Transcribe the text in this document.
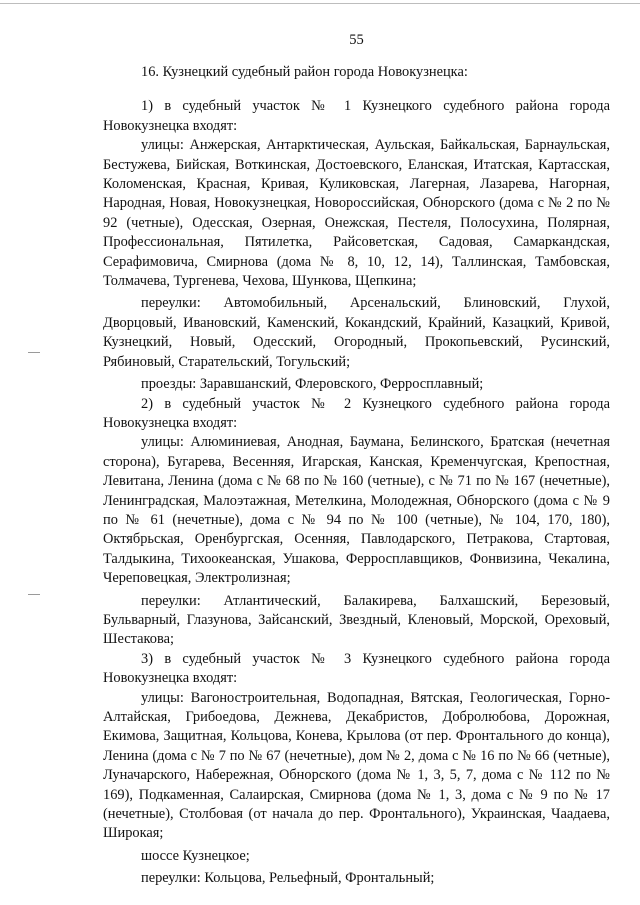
55

16. Кузнецкий судебный район города Новокузнецка:

1) в судебный участок № 1 Кузнецкого судебного района города Новокузнецка входят:

улицы: Анжерская, Антарктическая, Аульская, Байкальская, Барнаульская, Бестужева, Бийская, Воткинская, Достоевского, Еланская, Итатская, Картасская, Коломенская, Красная, Кривая, Куликовская, Лагерная, Лазарева, Нагорная, Народная, Новая, Новокузнецкая, Новороссийская, Обнорского (дома с № 2 по № 92 (четные), Одесская, Озерная, Онежская, Пестеля, Полосухина, Полярная, Профессиональная, Пятилетка, Райсоветская, Садовая, Самаркандская, Серафимовича, Смирнова (дома № 8, 10, 12, 14), Таллинская, Тамбовская, Толмачева, Тургенева, Чехова, Шункова, Щепкина;

переулки: Автомобильный, Арсенальский, Блиновский, Глухой, Дворцовый, Ивановский, Каменский, Кокандский, Крайний, Казацкий, Кривой, Кузнецкий, Новый, Одесский, Огородный, Прокопьевский, Русинский, Рябиновый, Старательский, Тогульский;

проезды: Заравшанский, Флеровского, Ферросплавный;

2) в судебный участок № 2 Кузнецкого судебного района города Новокузнецка входят:

улицы: Алюминиевая, Анодная, Баумана, Белинского, Братская (нечетная сторона), Бугарева, Весенняя, Игарская, Канская, Кременчугская, Крепостная, Левитана, Ленина (дома с № 68 по № 160 (четные), с № 71 по № 167 (нечетные), Ленинградская, Малоэтажная, Метелкина, Молодежная, Обнорского (дома с № 9 по № 61 (нечетные), дома с № 94 по № 100 (четные), № 104, 170, 180), Октябрьская, Оренбургская, Осенняя, Павлодарского, Петракова, Стартовая, Талдыкина, Тихоокеанская, Ушакова, Ферросплавщиков, Фонвизина, Чекалина, Череповецкая, Электролизная;

переулки: Атлантический, Балакирева, Балхашский, Березовый, Бульварный, Глазунова, Зайсанский, Звездный, Кленовый, Морской, Ореховый, Шестакова;

3) в судебный участок № 3 Кузнецкого судебного района города Новокузнецка входят:

улицы: Вагоностроительная, Водопадная, Вятская, Геологическая, Горно-Алтайская, Грибоедова, Дежнева, Декабристов, Добролюбова, Дорожная, Екимова, Защитная, Кольцова, Конева, Крылова (от пер. Фронтального до конца), Ленина (дома с № 7 по № 67 (нечетные), дом № 2, дома с № 16 по № 66 (четные), Луначарского, Набережная, Обнорского (дома № 1, 3, 5, 7, дома с № 112 по № 169), Подкаменная, Салаирская, Смирнова (дома № 1, 3, дома с № 9 по № 17 (нечетные), Столбовая (от начала до пер. Фронтального), Украинская, Чаадаева, Широкая;

шоссе Кузнецкое;

переулки: Кольцова, Рельефный, Фронтальный;
